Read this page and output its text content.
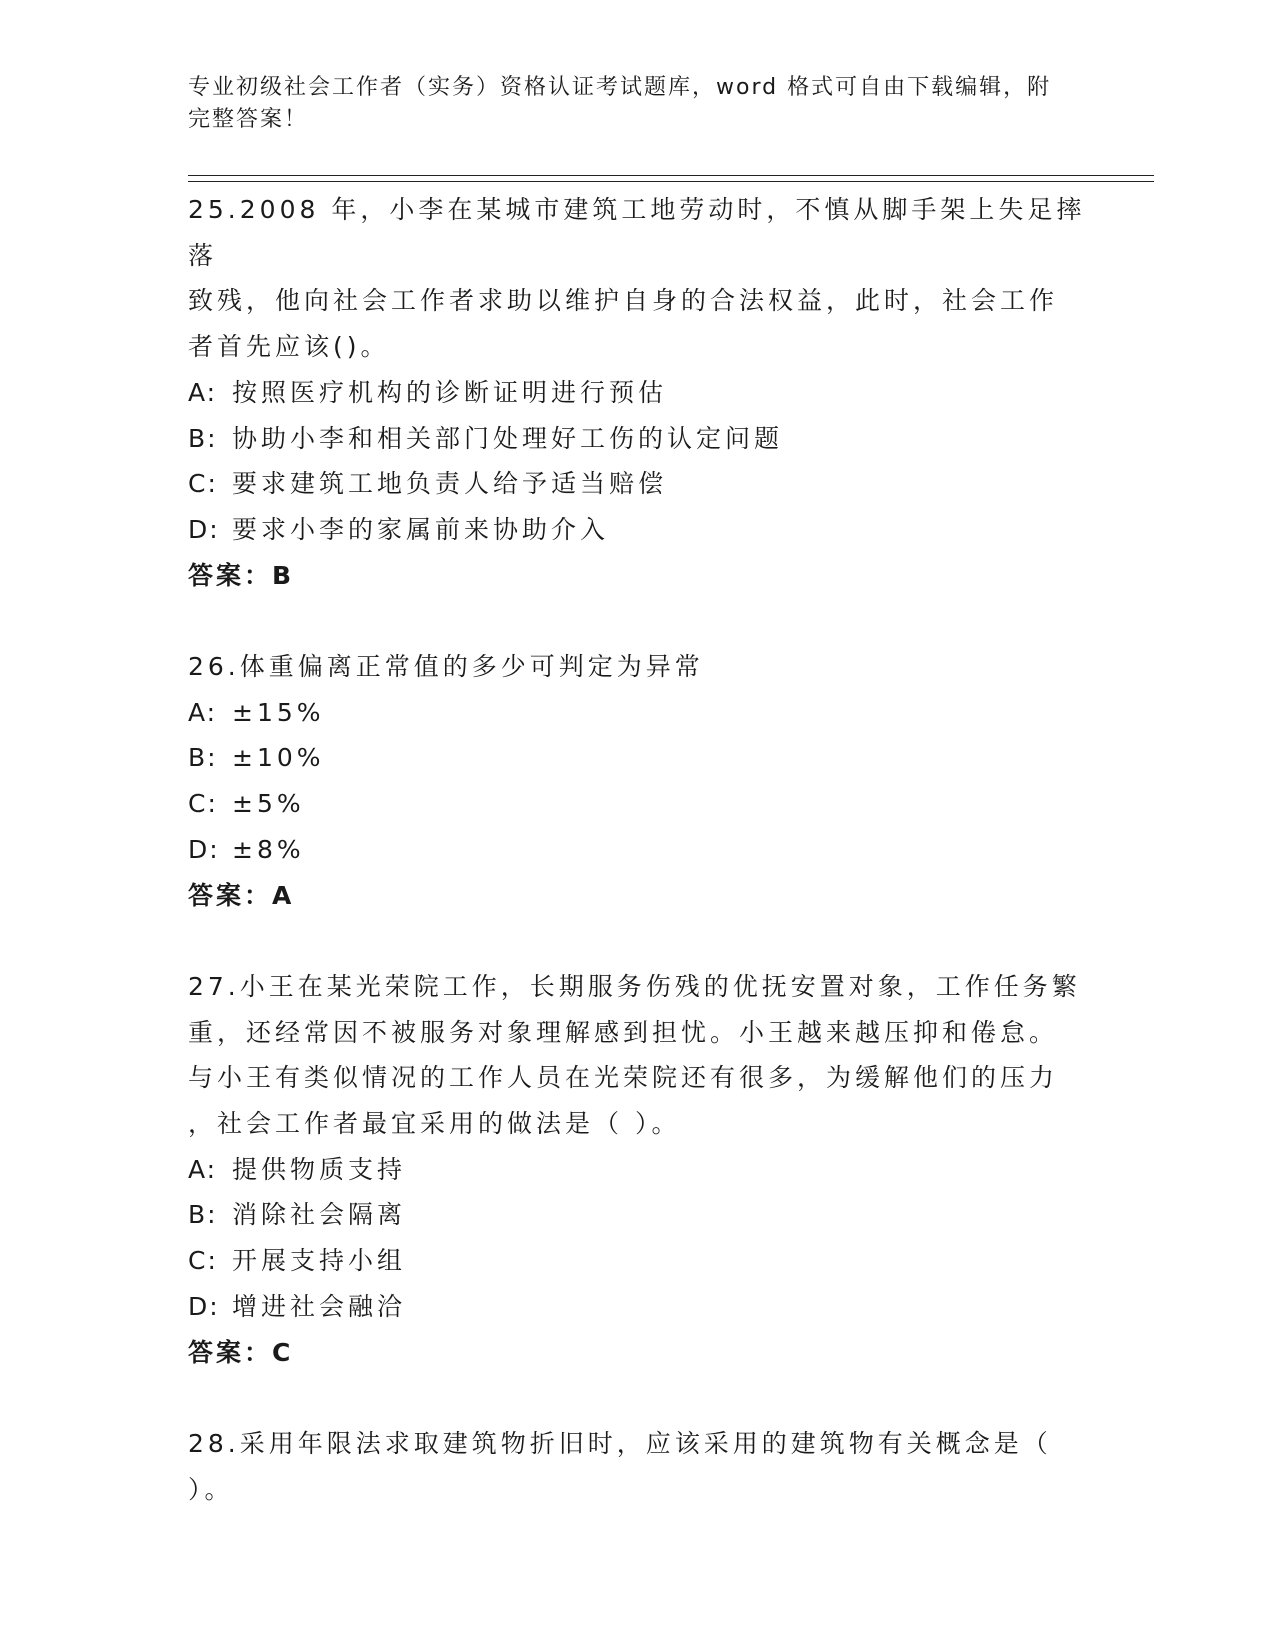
专业初级社会工作者（实务）资格认证考试题库，word 格式可自由下载编辑，附
完整答案！

25.2008 年，小李在某城市建筑工地劳动时，不慎从脚手架上失足摔落

致残，他向社会工作者求助以维护自身的合法权益，此时，社会工作

者首先应该()。

A: 按照医疗机构的诊断证明进行预估

B: 协助小李和相关部门处理好工伤的认定问题

C: 要求建筑工地负责人给予适当赔偿

D: 要求小李的家属前来协助介入

答案：B

26.体重偏离正常值的多少可判定为异常

A: ±15%

B: ±10%

C: ±5%

D: ±8%

答案：A

27.小王在某光荣院工作，长期服务伤残的优抚安置对象，工作任务繁

重，还经常因不被服务对象理解感到担忧。小王越来越压抑和倦怠。

与小王有类似情况的工作人员在光荣院还有很多，为缓解他们的压力

，社会工作者最宜采用的做法是（ ）。

A: 提供物质支持

B: 消除社会隔离

C: 开展支持小组

D: 增进社会融洽

答案：C

28.采用年限法求取建筑物折旧时，应该采用的建筑物有关概念是（

）。
